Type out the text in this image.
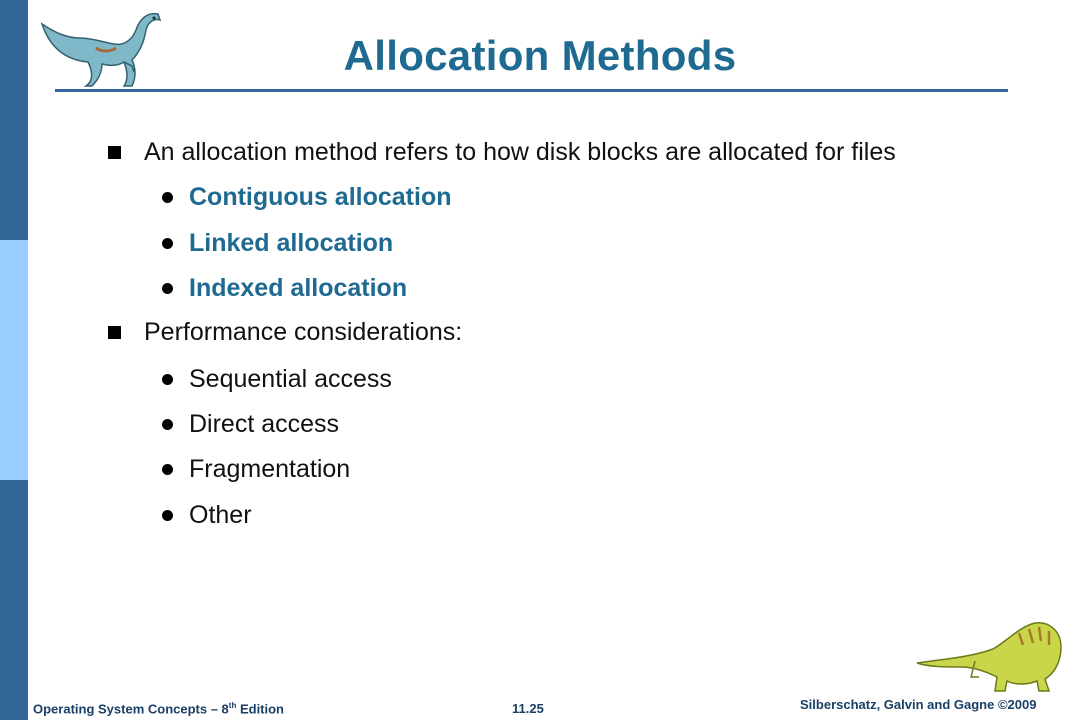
Allocation Methods
An allocation method refers to how disk blocks are allocated for files
Contiguous allocation
Linked allocation
Indexed allocation
Performance considerations:
Sequential access
Direct access
Fragmentation
Other
Operating System Concepts – 8th Edition	11.25	Silberschatz, Galvin and Gagne ©2009
